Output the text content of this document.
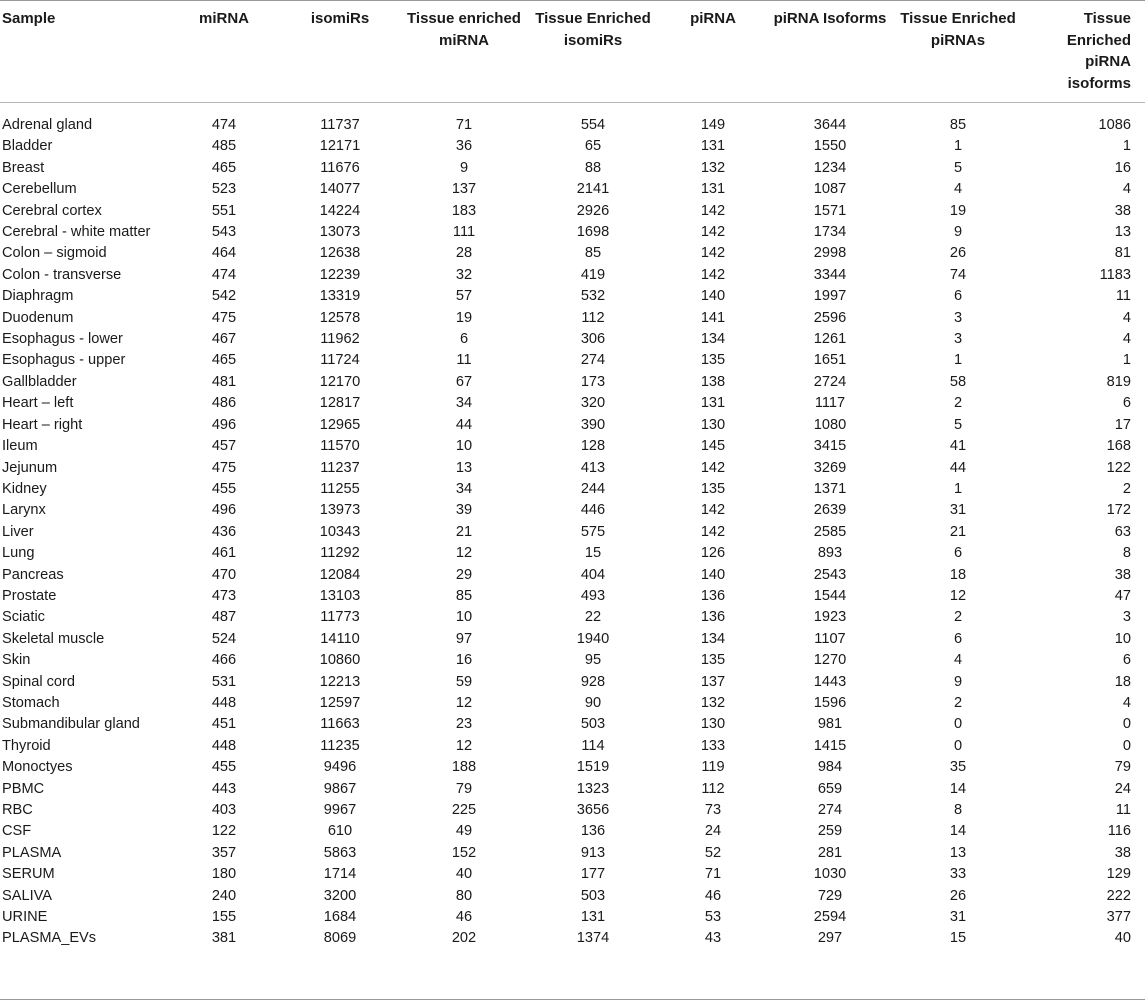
Sample	miRNA	isomiRs	Tissue enriched miRNA	Tissue Enriched isomiRs	piRNA	piRNA Isoforms	Tissue Enriched piRNAs	Tissue Enriched piRNA isoforms
Adrenal gland	474	11737	71	554	149	3644	85	1086
Bladder	485	12171	36	65	131	1550	1	1
Breast	465	11676	9	88	132	1234	5	16
Cerebellum	523	14077	137	2141	131	1087	4	4
Cerebral cortex	551	14224	183	2926	142	1571	19	38
Cerebral - white matter	543	13073	111	1698	142	1734	9	13
Colon – sigmoid	464	12638	28	85	142	2998	26	81
Colon - transverse	474	12239	32	419	142	3344	74	1183
Diaphragm	542	13319	57	532	140	1997	6	11
Duodenum	475	12578	19	112	141	2596	3	4
Esophagus - lower	467	11962	6	306	134	1261	3	4
Esophagus - upper	465	11724	11	274	135	1651	1	1
Gallbladder	481	12170	67	173	138	2724	58	819
Heart – left	486	12817	34	320	131	1117	2	6
Heart – right	496	12965	44	390	130	1080	5	17
Ileum	457	11570	10	128	145	3415	41	168
Jejunum	475	11237	13	413	142	3269	44	122
Kidney	455	11255	34	244	135	1371	1	2
Larynx	496	13973	39	446	142	2639	31	172
Liver	436	10343	21	575	142	2585	21	63
Lung	461	11292	12	15	126	893	6	8
Pancreas	470	12084	29	404	140	2543	18	38
Prostate	473	13103	85	493	136	1544	12	47
Sciatic	487	11773	10	22	136	1923	2	3
Skeletal muscle	524	14110	97	1940	134	1107	6	10
Skin	466	10860	16	95	135	1270	4	6
Spinal cord	531	12213	59	928	137	1443	9	18
Stomach	448	12597	12	90	132	1596	2	4
Submandibular gland	451	11663	23	503	130	981	0	0
Thyroid	448	11235	12	114	133	1415	0	0
Monoctyes	455	9496	188	1519	119	984	35	79
PBMC	443	9867	79	1323	112	659	14	24
RBC	403	9967	225	3656	73	274	8	11
CSF	122	610	49	136	24	259	14	116
PLASMA	357	5863	152	913	52	281	13	38
SERUM	180	1714	40	177	71	1030	33	129
SALIVA	240	3200	80	503	46	729	26	222
URINE	155	1684	46	131	53	2594	31	377
PLASMA_EVs	381	8069	202	1374	43	297	15	40
